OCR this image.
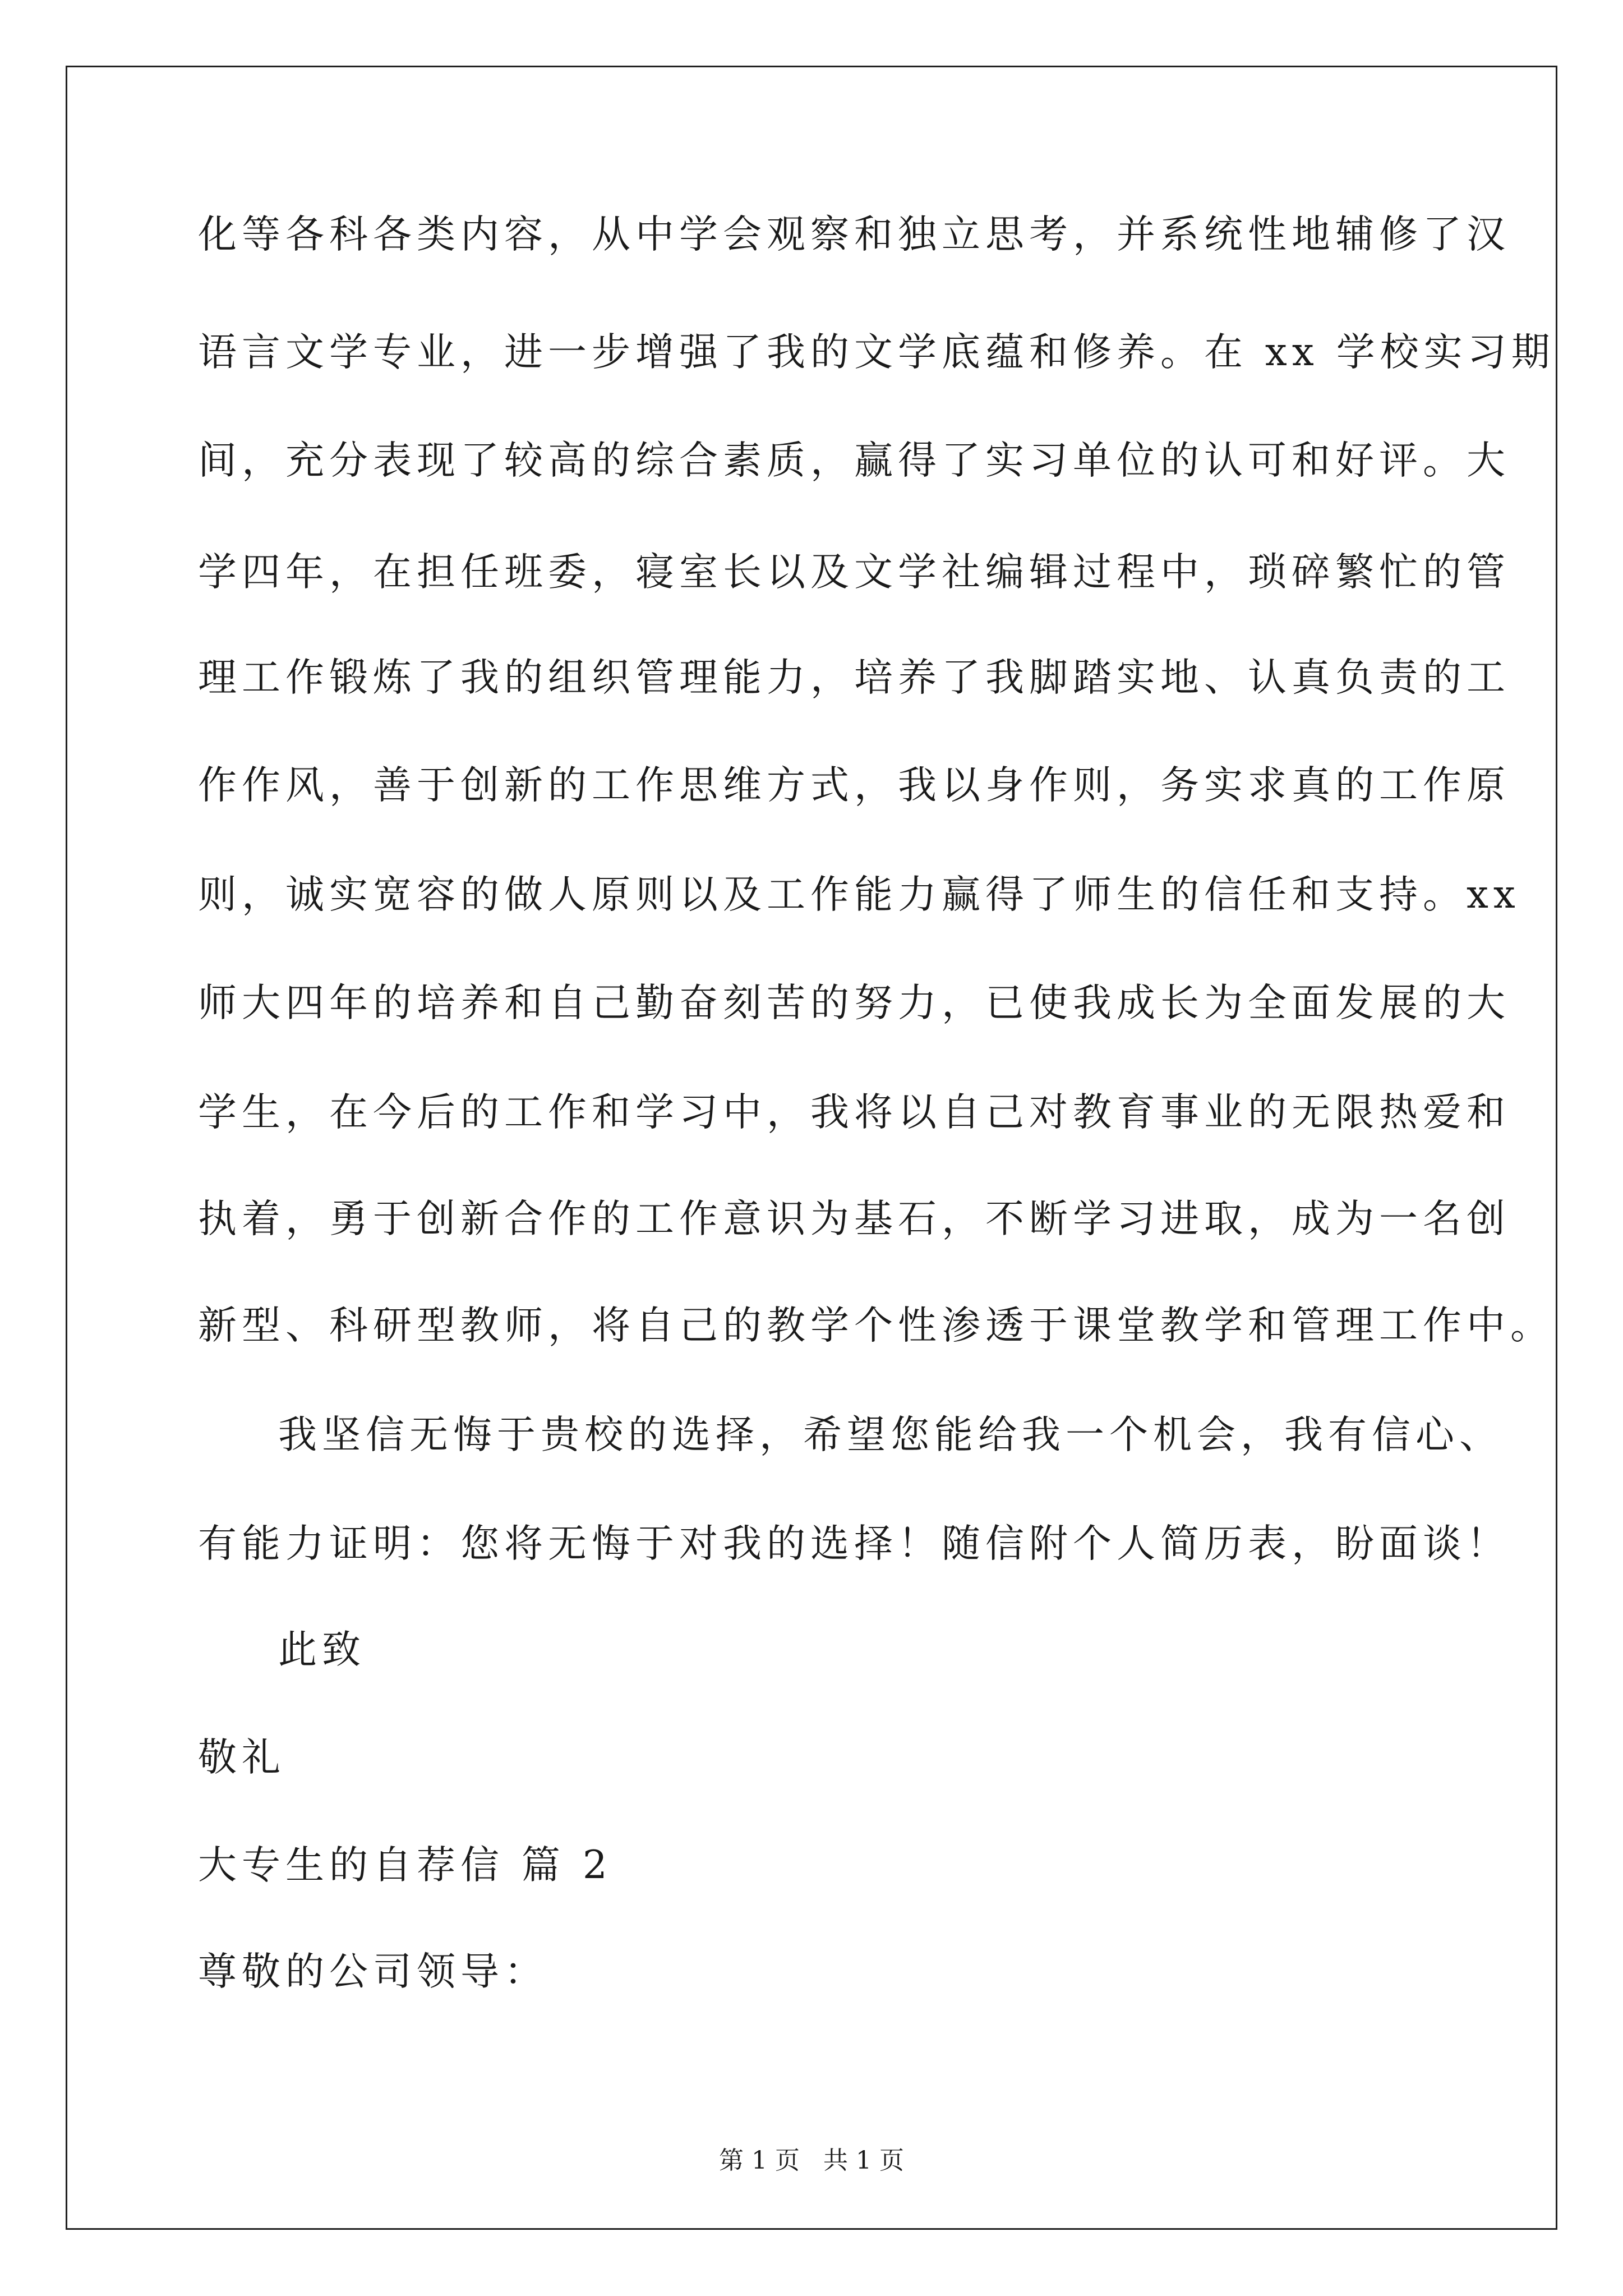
化等各科各类内容，从中学会观察和独立思考，并系统性地辅修了汉
语言文学专业，进一步增强了我的文学底蕴和修养。在 xx 学校实习期
间，充分表现了较高的综合素质，赢得了实习单位的认可和好评。大
学四年，在担任班委，寝室长以及文学社编辑过程中，琐碎繁忙的管
理工作锻炼了我的组织管理能力，培养了我脚踏实地、认真负责的工
作作风，善于创新的工作思维方式，我以身作则，务实求真的工作原
则，诚实宽容的做人原则以及工作能力赢得了师生的信任和支持。xx
师大四年的培养和自己勤奋刻苦的努力，已使我成长为全面发展的大
学生，在今后的工作和学习中，我将以自己对教育事业的无限热爱和
执着，勇于创新合作的工作意识为基石，不断学习进取，成为一名创
新型、科研型教师，将自己的教学个性渗透于课堂教学和管理工作中。
我坚信无悔于贵校的选择，希望您能给我一个机会，我有信心、
有能力证明：您将无悔于对我的选择！随信附个人简历表，盼面谈！
此致
敬礼
大专生的自荐信 篇 2
尊敬的公司领导：
第 1 页   共 1 页
